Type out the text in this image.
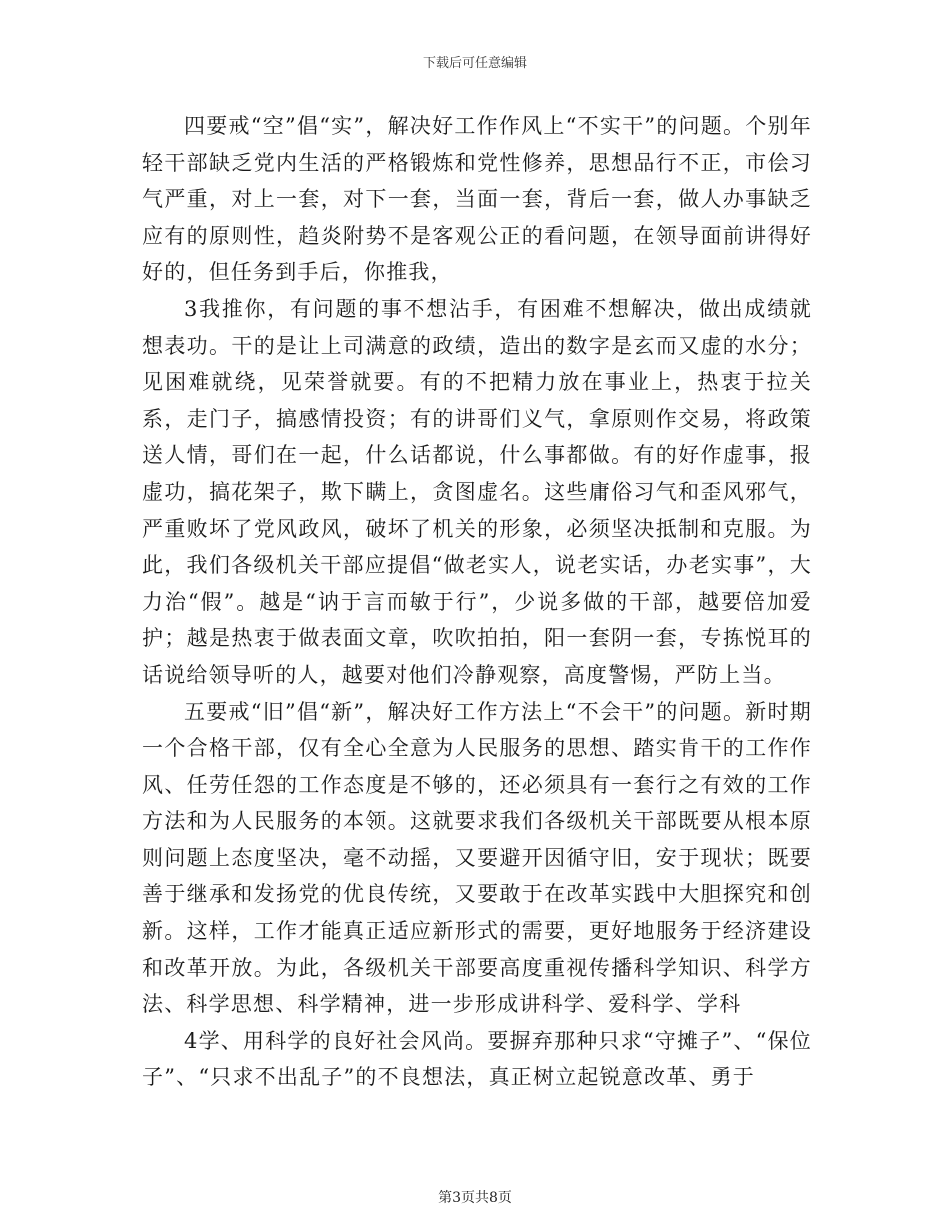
下载后可任意编辑

四要戒“空”倡“实”，解决好工作作风上“不实干”的问题。个别年轻干部缺乏党内生活的严格锻炼和党性修养，思想品行不正，市侩习气严重，对上一套，对下一套，当面一套，背后一套，做人办事缺乏应有的原则性，趋炎附势不是客观公正的看问题，在领导面前讲得好好的，但任务到手后，你推我，

3我推你，有问题的事不想沾手，有困难不想解决，做出成绩就想表功。干的是让上司满意的政绩，造出的数字是玄而又虚的水分；见困难就绕，见荣誉就要。有的不把精力放在事业上，热衷于拉关系，走门子，搞感情投资；有的讲哥们义气，拿原则作交易，将政策送人情，哥们在一起，什么话都说，什么事都做。有的好作虚事，报虚功，搞花架子，欺下瞒上，贪图虚名。这些庸俗习气和歪风邪气，严重败坏了党风政风，破坏了机关的形象，必须坚决抵制和克服。为此，我们各级机关干部应提倡“做老实人，说老实话，办老实事”，大力治“假”。越是“讷于言而敏于行”，少说多做的干部，越要倍加爱护；越是热衷于做表面文章，吹吹拍拍，阳一套阴一套，专拣悦耳的话说给领导听的人，越要对他们冷静观察，高度警惕，严防上当。

五要戒“旧”倡“新”，解决好工作方法上“不会干”的问题。新时期一个合格干部，仅有全心全意为人民服务的思想、踏实肯干的工作作风、任劳任怨的工作态度是不够的，还必须具有一套行之有效的工作方法和为人民服务的本领。这就要求我们各级机关干部既要从根本原则问题上态度坚决，毫不动摇，又要避开因循守旧，安于现状；既要善于继承和发扬党的优良传统，又要敢于在改革实践中大胆探究和创新。这样，工作才能真正适应新形式的需要，更好地服务于经济建设和改革开放。为此，各级机关干部要高度重视传播科学知识、科学方法、科学思想、科学精神，进一步形成讲科学、爱科学、学科

4学、用科学的良好社会风尚。要摒弃那种只求“守摊子”、“保位子”、“只求不出乱子”的不良想法，真正树立起锐意改革、勇于

第3页共8页
